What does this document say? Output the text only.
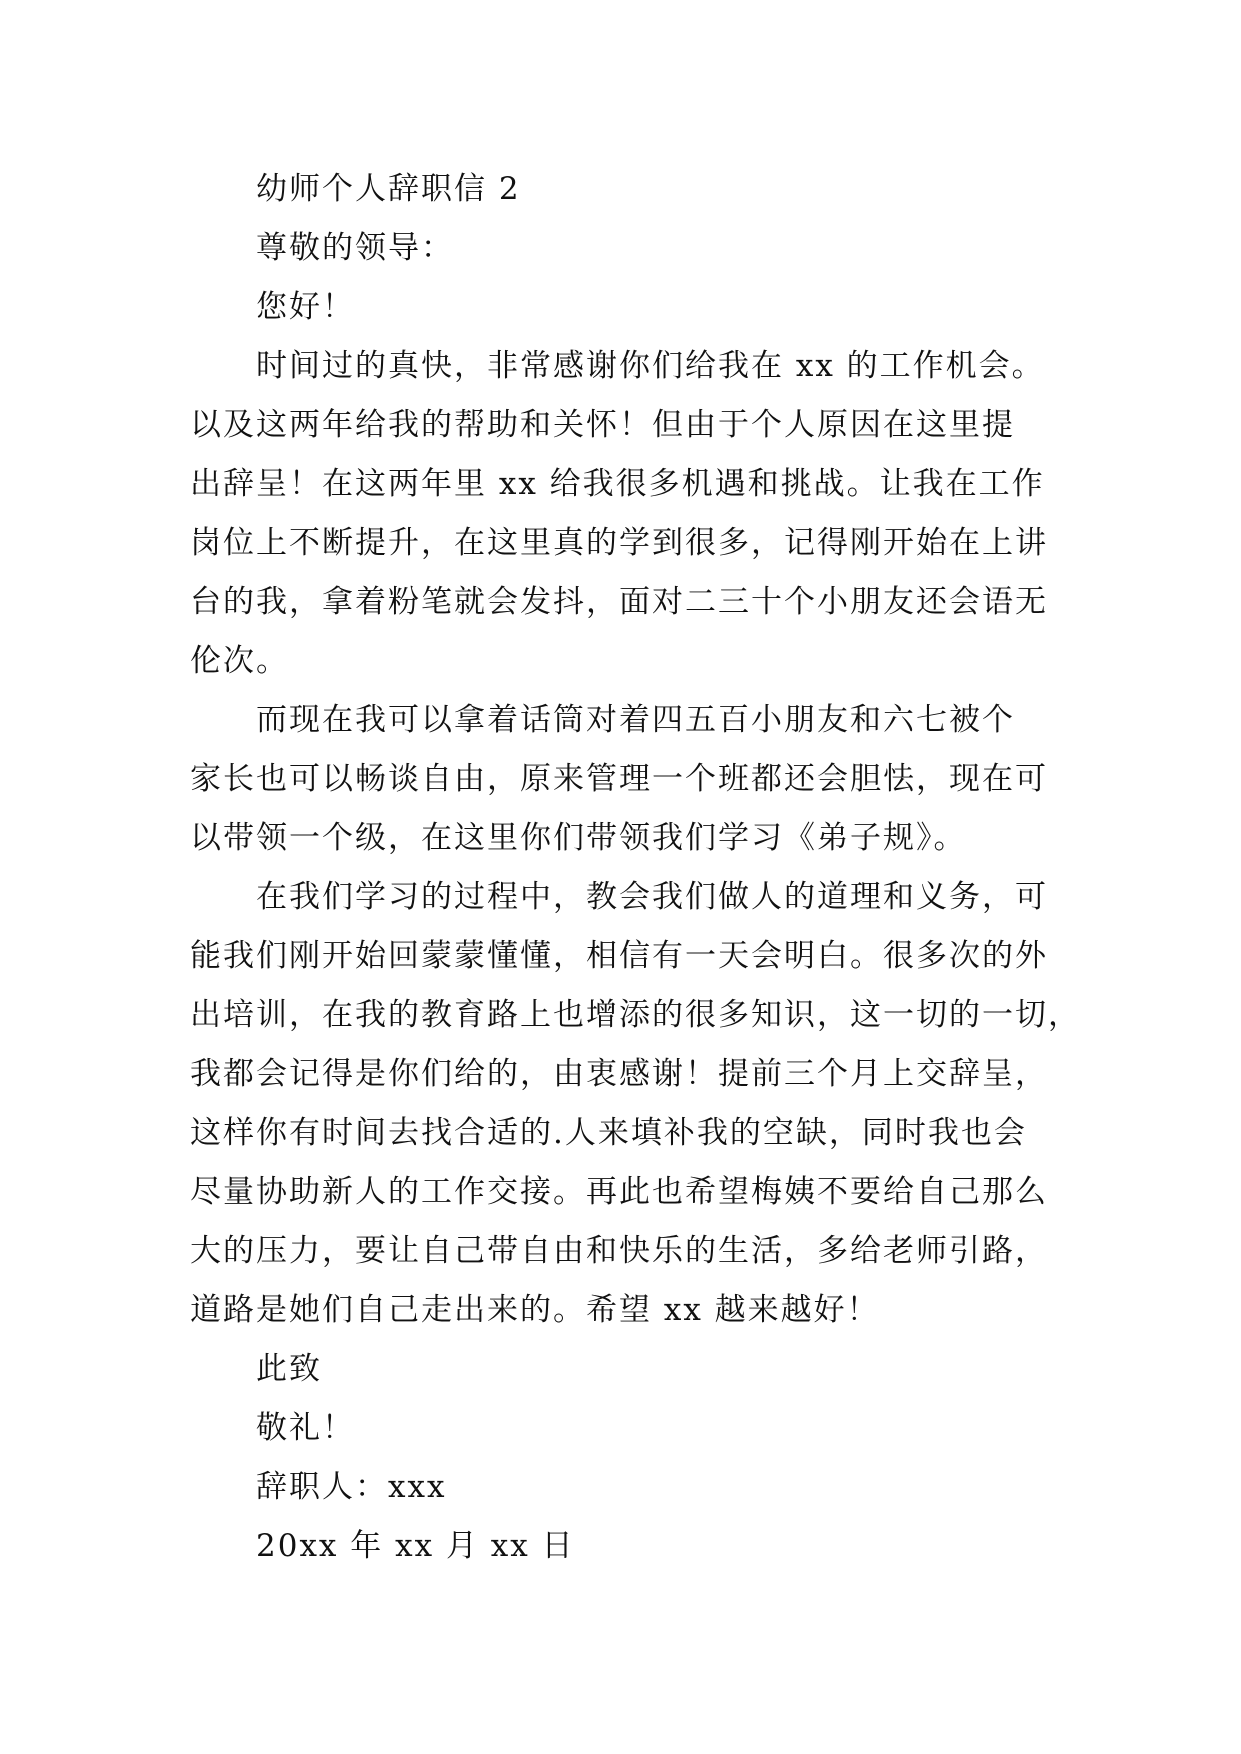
幼师个人辞职信 2
尊敬的领导：
您好！
时间过的真快，非常感谢你们给我在 xx 的工作机会。
以及这两年给我的帮助和关怀！但由于个人原因在这里提
出辞呈！在这两年里 xx 给我很多机遇和挑战。让我在工作
岗位上不断提升，在这里真的学到很多，记得刚开始在上讲
台的我，拿着粉笔就会发抖，面对二三十个小朋友还会语无
伦次。
而现在我可以拿着话筒对着四五百小朋友和六七被个
家长也可以畅谈自由，原来管理一个班都还会胆怯，现在可
以带领一个级，在这里你们带领我们学习《弟子规》。
在我们学习的过程中，教会我们做人的道理和义务，可
能我们刚开始回蒙蒙懂懂，相信有一天会明白。很多次的外
出培训，在我的教育路上也增添的很多知识，这一切的一切，
我都会记得是你们给的，由衷感谢！提前三个月上交辞呈，
这样你有时间去找合适的.人来填补我的空缺，同时我也会
尽量协助新人的工作交接。再此也希望梅姨不要给自己那么
大的压力，要让自己带自由和快乐的生活，多给老师引路，
道路是她们自己走出来的。希望 xx 越来越好！
此致
敬礼！
辞职人：xxx
20xx 年 xx 月 xx 日
